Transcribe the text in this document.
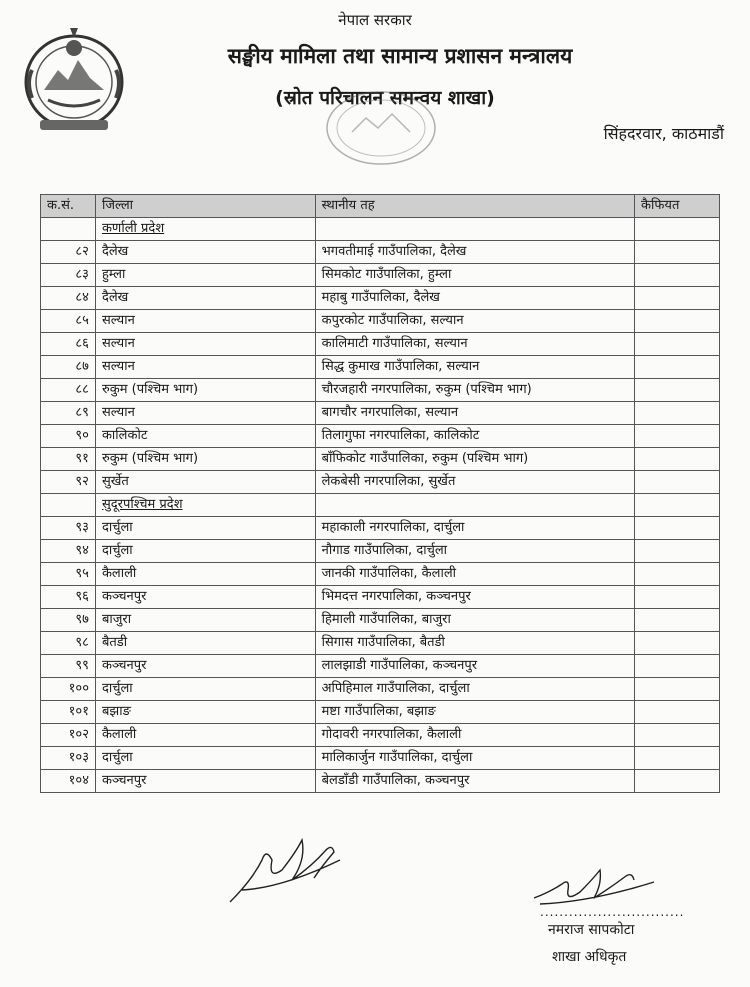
नेपाल सरकार
सङ्घीय मामिला तथा सामान्य प्रशासन मन्त्रालय
(स्रोत परिचालन समन्वय शाखा)
सिंहदरवार, काठमाडौं
क.सं.	जिल्ला	स्थानीय तह	कैफियत
	कर्णाली प्रदेश		
८२	दैलेख	भगवतीमाई गाउँपालिका, दैलेख	
८३	हुम्ला	सिमकोट गाउँपालिका, हुम्ला	
८४	दैलेख	महाबु गाउँपालिका, दैलेख	
८५	सल्यान	कपुरकोट गाउँपालिका, सल्यान	
८६	सल्यान	कालिमाटी गाउँपालिका, सल्यान	
८७	सल्यान	सिद्ध कुमाख गाउँपालिका, सल्यान	
८८	रुकुम (पश्चिम भाग)	चौरजहारी नगरपालिका, रुकुम (पश्चिम भाग)	
८९	सल्यान	बागचौर नगरपालिका, सल्यान	
९०	कालिकोट	तिलागुफा नगरपालिका, कालिकोट	
९१	रुकुम (पश्चिम भाग)	बाँफिकोट गाउँपालिका, रुकुम (पश्चिम भाग)	
९२	सुर्खेत	लेकबेसी नगरपालिका, सुर्खेत	
	सुदूरपश्चिम प्रदेश		
९३	दार्चुला	महाकाली नगरपालिका, दार्चुला	
९४	दार्चुला	नौगाड गाउँपालिका, दार्चुला	
९५	कैलाली	जानकी गाउँपालिका, कैलाली	
९६	कञ्चनपुर	भिमदत्त नगरपालिका, कञ्चनपुर	
९७	बाजुरा	हिमाली गाउँपालिका, बाजुरा	
९८	बैतडी	सिगास गाउँपालिका, बैतडी	
९९	कञ्चनपुर	लालझाडी गाउँपालिका, कञ्चनपुर	
१००	दार्चुला	अपिहिमाल गाउँपालिका, दार्चुला	
१०१	बझाङ	मष्टा गाउँपालिका, बझाङ	
१०२	कैलाली	गोदावरी नगरपालिका, कैलाली	
१०३	दार्चुला	मालिकार्जुन गाउँपालिका, दार्चुला	
१०४	कञ्चनपुर	बेलडाँडी गाउँपालिका, कञ्चनपुर	
..............................
नमराज सापकोटा
शाखा अधिकृत
